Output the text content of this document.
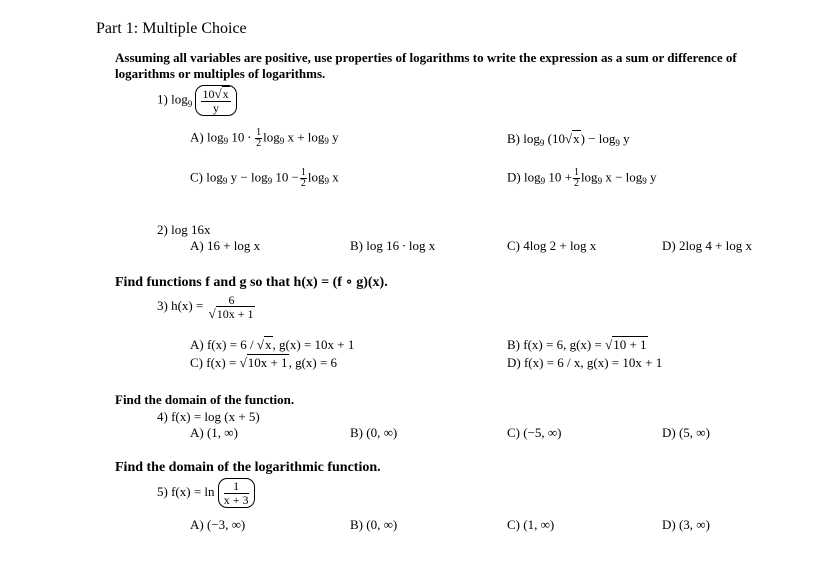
Part 1: Multiple Choice
Assuming all variables are positive, use properties of logarithms to write the expression as a sum or difference of
logarithms or multiples of logarithms.
1) $\log_9 \frac{10√x}{y}$
A) $\log_9 10 \cdot \frac{1}{2} \log_9 x + \log_9 y$	B) $\log_9 (10√x) - \log_9 y$
C) $\log_9 y - \log_9 10 - \frac{1}{2} \log_9 x$	D) $\log_9 10 + \frac{1}{2} \log_9 x - \log_9 y$
2) log 16x
A) 16 + log x	B) log 16 ∙ log x	C) 4log 2 + log x	D) 2log 4 + log x
Find functions f and g so that h(x) = (f ∘ g)(x).
3) $h(x) = \frac{6}{√10x + 1}$
A) f(x) = 6 / √x, g(x) = 10x + 1	B) f(x) = 6, g(x) = √10 + 1
C) f(x) = √10x + 1, g(x) = 6	D) f(x) = 6 / x, g(x) = 10x + 1
Find the domain of the function.
4) f(x) = log (x + 5)
A) (1, ∞)	B) (0, ∞)	C) (−5, ∞)	D) (5, ∞)
Find the domain of the logarithmic function.
5) $f(x) = \ln \frac{1}{x + 3}$
A) (−3, ∞)	B) (0, ∞)	C) (1, ∞)	D) (3, ∞)
